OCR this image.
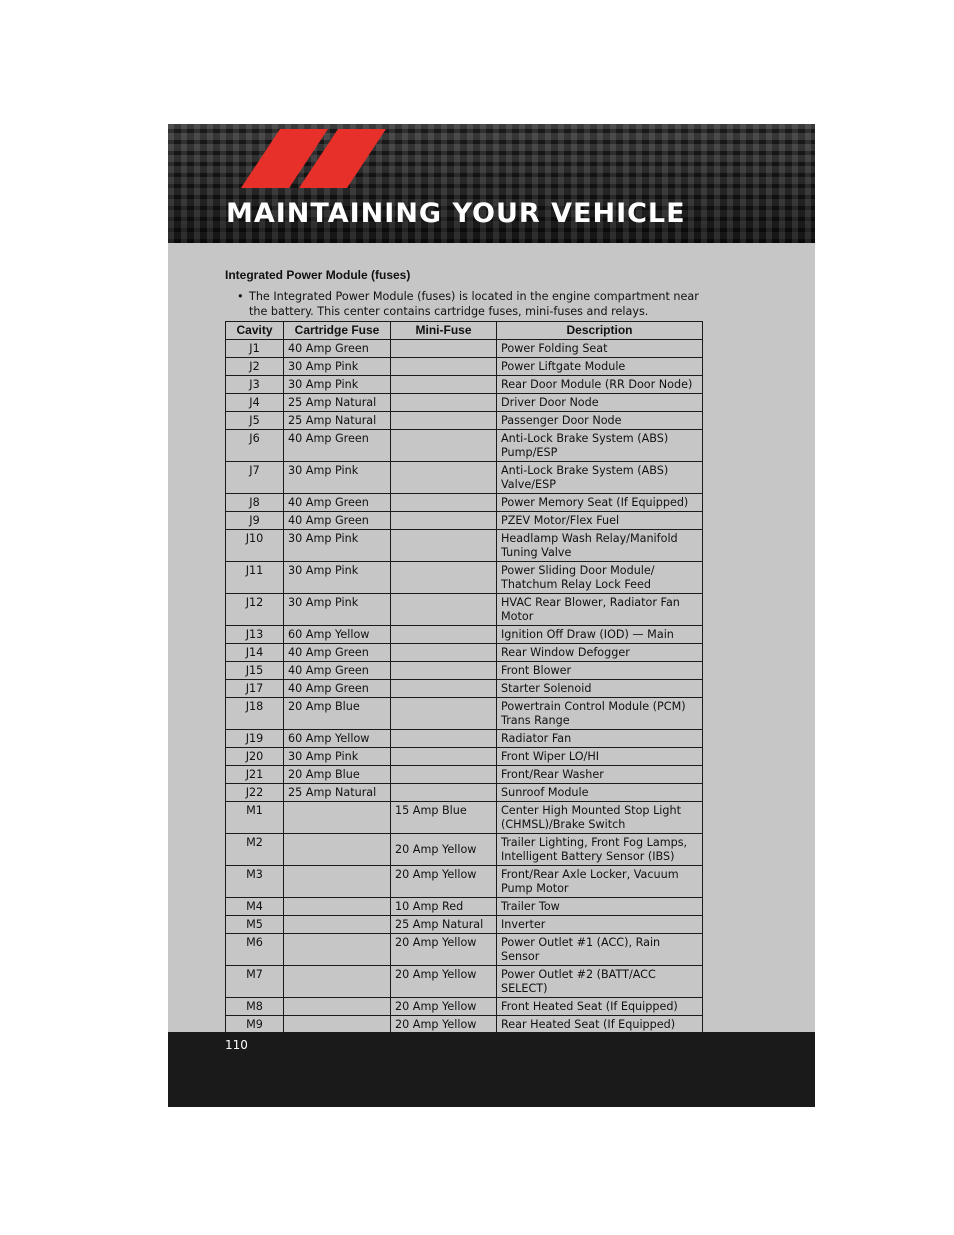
MAINTAINING YOUR VEHICLE
Integrated Power Module (fuses)

• The Integrated Power Module (fuses) is located in the engine compartment near the battery. This center contains cartridge fuses, mini-fuses and relays.

Cavity	Cartridge Fuse	Mini-Fuse	Description
J1	40 Amp Green		Power Folding Seat
J2	30 Amp Pink		Power Liftgate Module
J3	30 Amp Pink		Rear Door Module (RR Door Node)
J4	25 Amp Natural		Driver Door Node
J5	25 Amp Natural		Passenger Door Node
J6	40 Amp Green		Anti-Lock Brake System (ABS) Pump/ESP
J7	30 Amp Pink		Anti-Lock Brake System (ABS) Valve/ESP
J8	40 Amp Green		Power Memory Seat (If Equipped)
J9	40 Amp Green		PZEV Motor/Flex Fuel
J10	30 Amp Pink		Headlamp Wash Relay/Manifold Tuning Valve
J11	30 Amp Pink		Power Sliding Door Module/ Thatchum Relay Lock Feed
J12	30 Amp Pink		HVAC Rear Blower, Radiator Fan Motor
J13	60 Amp Yellow		Ignition Off Draw (IOD) — Main
J14	40 Amp Green		Rear Window Defogger
J15	40 Amp Green		Front Blower
J17	40 Amp Green		Starter Solenoid
J18	20 Amp Blue		Powertrain Control Module (PCM) Trans Range
J19	60 Amp Yellow		Radiator Fan
J20	30 Amp Pink		Front Wiper LO/HI
J21	20 Amp Blue		Front/Rear Washer
J22	25 Amp Natural		Sunroof Module
M1		15 Amp Blue	Center High Mounted Stop Light (CHMSL)/Brake Switch
M2		20 Amp Yellow	Trailer Lighting, Front Fog Lamps, Intelligent Battery Sensor (IBS)
M3		20 Amp Yellow	Front/Rear Axle Locker, Vacuum Pump Motor
M4		10 Amp Red	Trailer Tow
M5		25 Amp Natural	Inverter
M6		20 Amp Yellow	Power Outlet #1 (ACC), Rain Sensor
M7		20 Amp Yellow	Power Outlet #2 (BATT/ACC SELECT)
M8		20 Amp Yellow	Front Heated Seat (If Equipped)
M9		20 Amp Yellow	Rear Heated Seat (If Equipped)
110
